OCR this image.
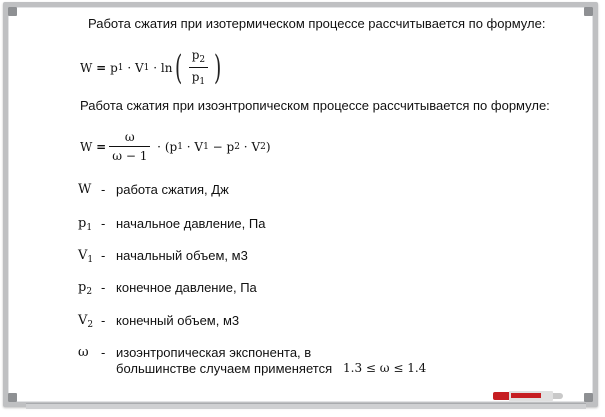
Работа сжатия при изотермическом процессе рассчитывается по формуле:
W
=
p 1
·
V 1
·
ln ( $\frac{p_2}{p_1}$ )
Работа сжатия при изоэнтропическом процессе рассчитывается по формуле:
W
= $\frac{\omega}{\omega - 1}$
·
( p 1
·
V 1
−
p 2
·
V 2 )
W - работа сжатия, Дж
$p_1$ - начальное давление, Па
$V_1$ - начальный объем, м3
$p_2$ - конечное давление, Па
$V_2$ - конечный объем, м3
ω - изоэнтропическая экспонента, в
большинстве случаем применяется 1.3 ≤ ω ≤ 1.4
